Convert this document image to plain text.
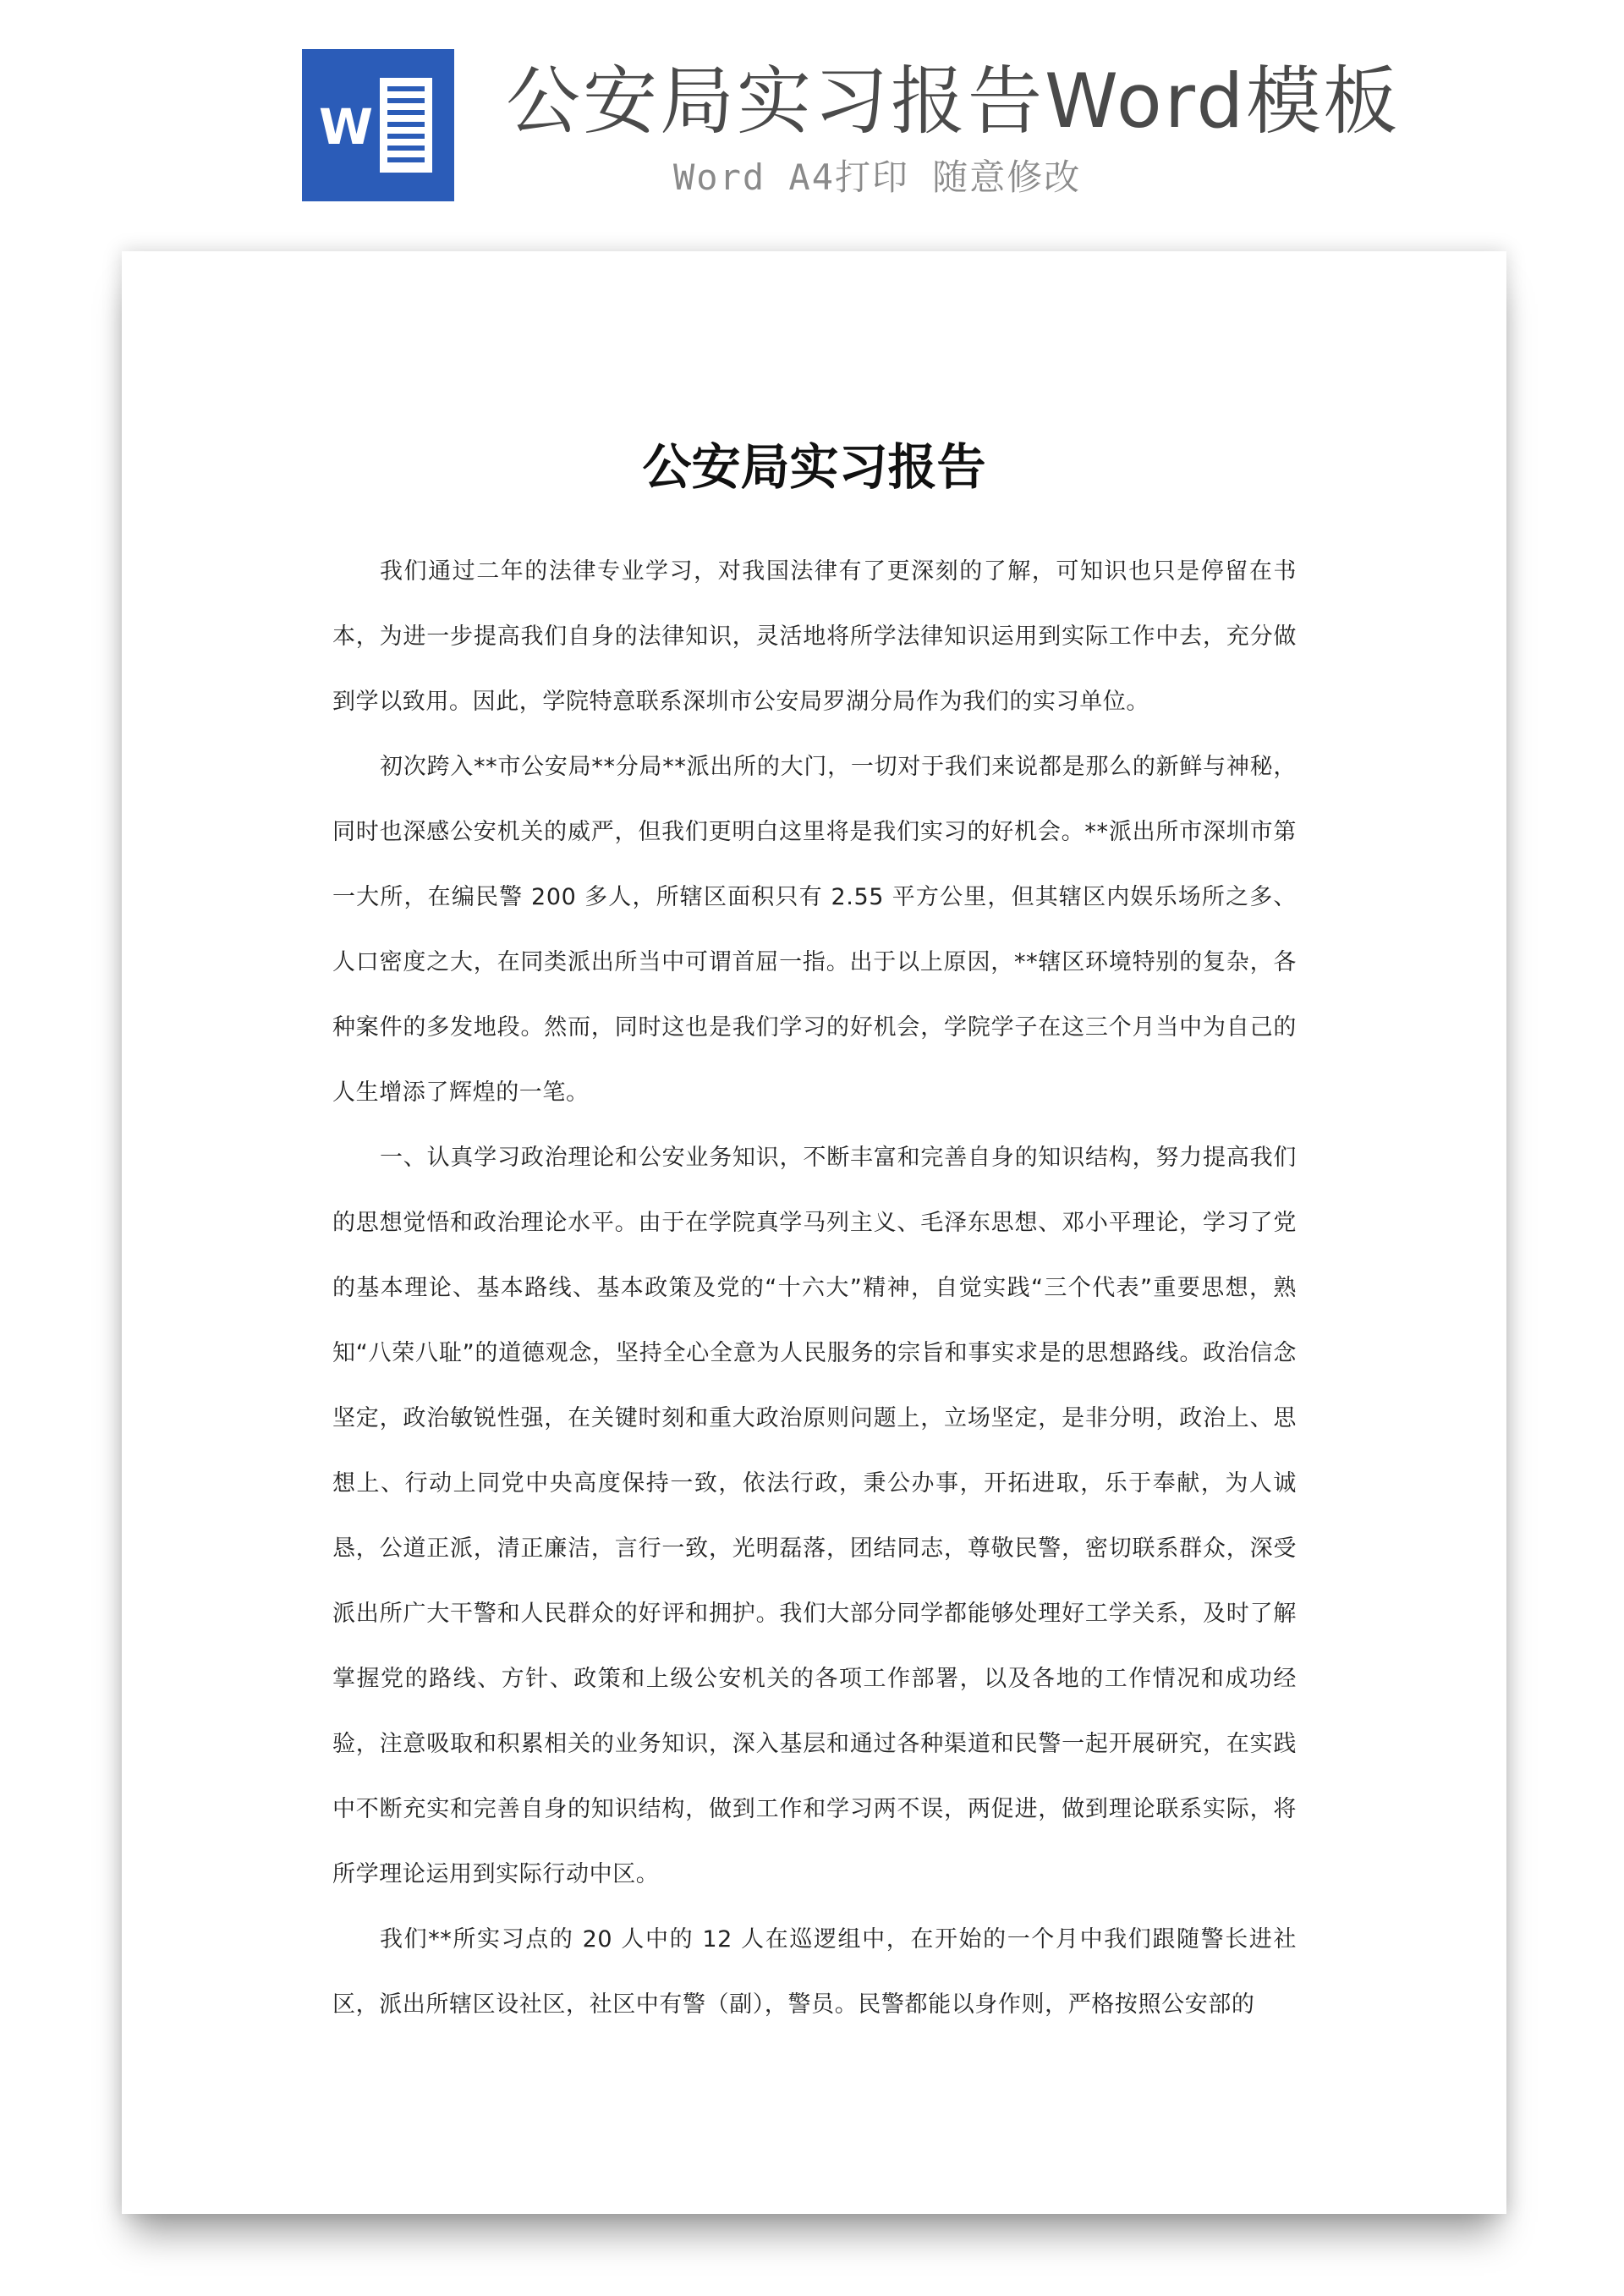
W 公安局实习报告Word模板
Word A4打印 随意修改
公安局实习报告

我们通过二年的法律专业学习，对我国法律有了更深刻的了解，可知识也只是停留在书本，为进一步提高我们自身的法律知识，灵活地将所学法律知识运用到实际工作中去，充分做到学以致用。因此，学院特意联系深圳市公安局罗湖分局作为我们的实习单位。

初次跨入**市公安局**分局**派出所的大门，一切对于我们来说都是那么的新鲜与神秘，同时也深感公安机关的威严，但我们更明白这里将是我们实习的好机会。**派出所市深圳市第一大所，在编民警 200 多人，所辖区面积只有 2.55 平方公里，但其辖区内娱乐场所之多、人口密度之大，在同类派出所当中可谓首屈一指。出于以上原因，**辖区环境特别的复杂，各种案件的多发地段。然而，同时这也是我们学习的好机会，学院学子在这三个月当中为自己的人生增添了辉煌的一笔。

一、认真学习政治理论和公安业务知识，不断丰富和完善自身的知识结构，努力提高我们的思想觉悟和政治理论水平。由于在学院真学马列主义、毛泽东思想、邓小平理论，学习了党的基本理论、基本路线、基本政策及党的“十六大”精神，自觉实践“三个代表”重要思想，熟知“八荣八耻”的道德观念，坚持全心全意为人民服务的宗旨和事实求是的思想路线。政治信念坚定，政治敏锐性强，在关键时刻和重大政治原则问题上，立场坚定，是非分明，政治上、思想上、行动上同党中央高度保持一致，依法行政，秉公办事，开拓进取，乐于奉献，为人诚恳，公道正派，清正廉洁，言行一致，光明磊落，团结同志，尊敬民警，密切联系群众，深受派出所广大干警和人民群众的好评和拥护。我们大部分同学都能够处理好工学关系，及时了解掌握党的路线、方针、政策和上级公安机关的各项工作部署，以及各地的工作情况和成功经验，注意吸取和积累相关的业务知识，深入基层和通过各种渠道和民警一起开展研究，在实践中不断充实和完善自身的知识结构，做到工作和学习两不误，两促进，做到理论联系实际，将所学理论运用到实际行动中区。

我们**所实习点的 20 人中的 12 人在巡逻组中，在开始的一个月中我们跟随警长进社区，派出所辖区设社区，社区中有警（副），警员。民警都能以身作则，严格按照公安部的
